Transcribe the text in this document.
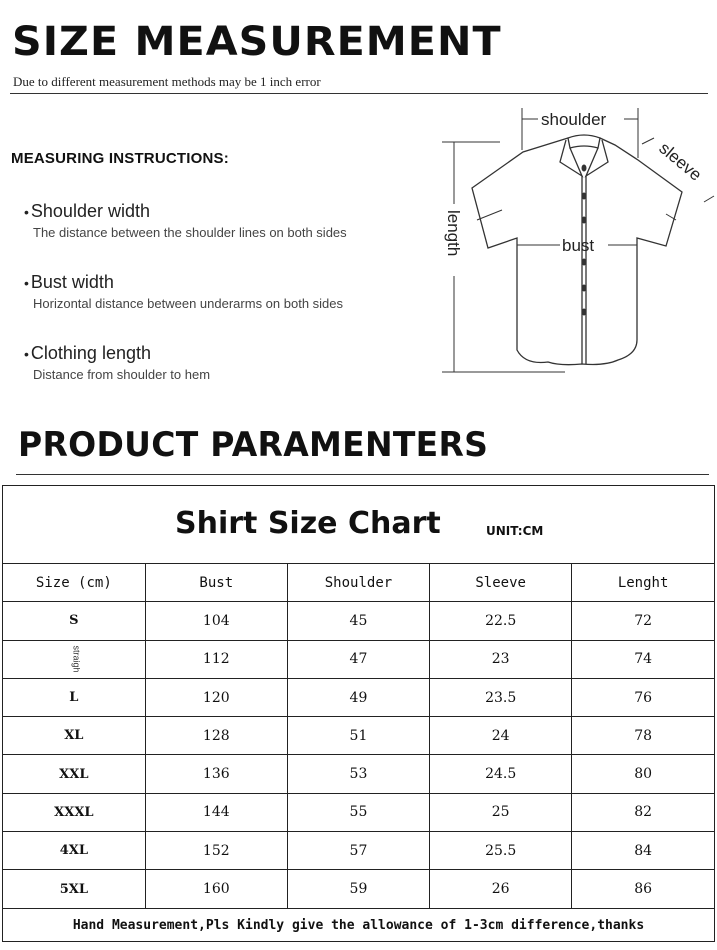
SIZE MEASUREMENT
Due to different measurement methods may be 1 inch error
MEASURING INSTRUCTIONS:
• Shoulder width
The distance between the shoulder lines on both sides
• Bust width
Horizontal distance between underarms on both sides
• Clothing length
Distance from shoulder to hem
shoulder
sleeve
length	bust
PRODUCT PARAMENTERS
Shirt Size Chart	UNIT:CM
Size (cm)	Bust	Shoulder	Sleeve	Lenght
S	104	45	22.5	72
straigh	112	47	23	74
L	120	49	23.5	76
XL	128	51	24	78
XXL	136	53	24.5	80
XXXL	144	55	25	82
4XL	152	57	25.5	84
5XL	160	59	26	86
Hand Measurement,Pls Kindly give the allowance of 1-3cm difference,thanks
